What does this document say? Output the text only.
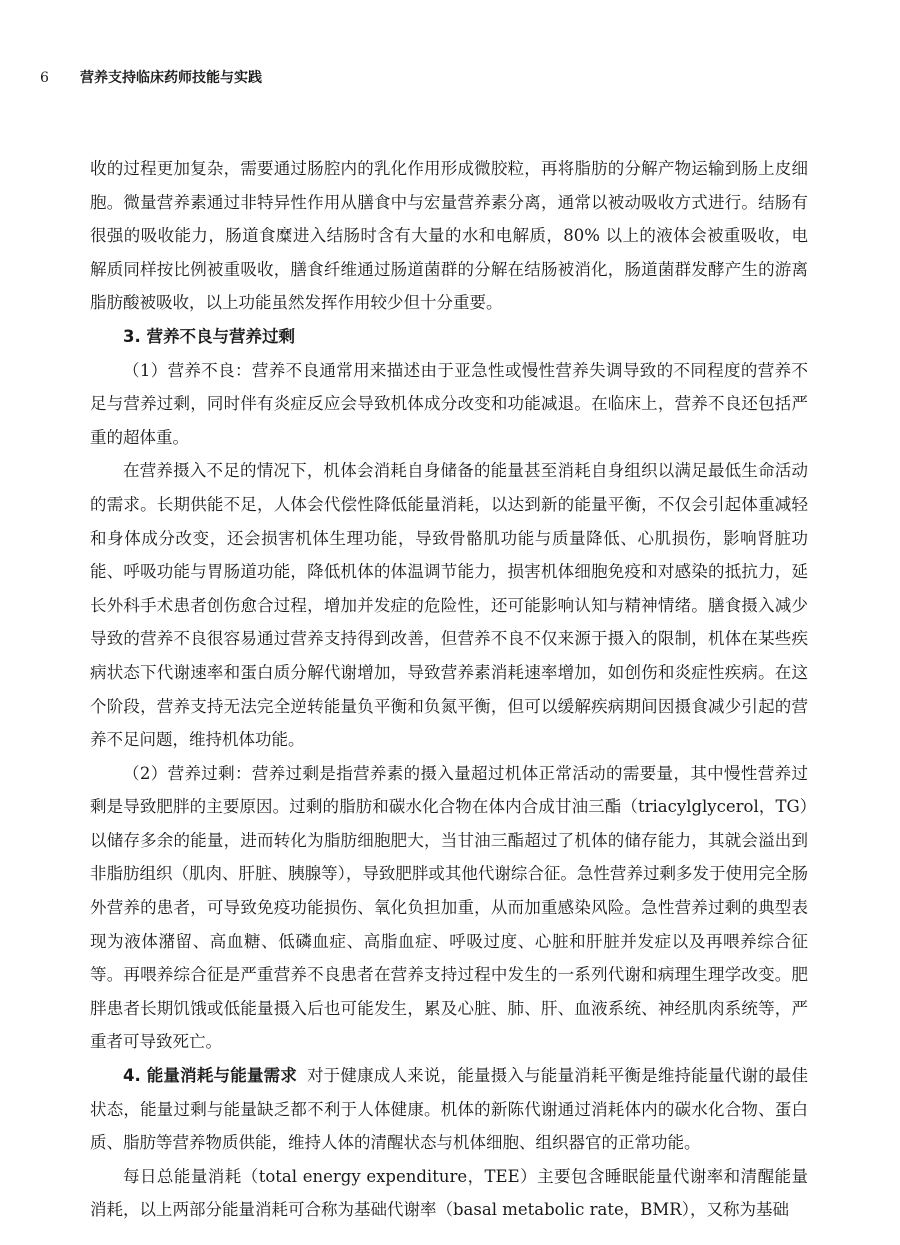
6	营养支持临床药师技能与实践

收的过程更加复杂，需要通过肠腔内的乳化作用形成微胶粒，再将脂肪的分解产物运输到肠上皮细胞。微量营养素通过非特异性作用从膳食中与宏量营养素分离，通常以被动吸收方式进行。结肠有很强的吸收能力，肠道食糜进入结肠时含有大量的水和电解质，80% 以上的液体会被重吸收，电解质同样按比例被重吸收，膳食纤维通过肠道菌群的分解在结肠被消化，肠道菌群发酵产生的游离脂肪酸被吸收，以上功能虽然发挥作用较少但十分重要。

3. 营养不良与营养过剩

（1）营养不良：营养不良通常用来描述由于亚急性或慢性营养失调导致的不同程度的营养不足与营养过剩，同时伴有炎症反应会导致机体成分改变和功能减退。在临床上，营养不良还包括严重的超体重。

在营养摄入不足的情况下，机体会消耗自身储备的能量甚至消耗自身组织以满足最低生命活动的需求。长期供能不足，人体会代偿性降低能量消耗，以达到新的能量平衡，不仅会引起体重减轻和身体成分改变，还会损害机体生理功能，导致骨骼肌功能与质量降低、心肌损伤，影响肾脏功能、呼吸功能与胃肠道功能，降低机体的体温调节能力，损害机体细胞免疫和对感染的抵抗力，延长外科手术患者创伤愈合过程，增加并发症的危险性，还可能影响认知与精神情绪。膳食摄入减少导致的营养不良很容易通过营养支持得到改善，但营养不良不仅来源于摄入的限制，机体在某些疾病状态下代谢速率和蛋白质分解代谢增加，导致营养素消耗速率增加，如创伤和炎症性疾病。在这个阶段，营养支持无法完全逆转能量负平衡和负氮平衡，但可以缓解疾病期间因摄食减少引起的营养不足问题，维持机体功能。

（2）营养过剩：营养过剩是指营养素的摄入量超过机体正常活动的需要量，其中慢性营养过剩是导致肥胖的主要原因。过剩的脂肪和碳水化合物在体内合成甘油三酯（triacylglycerol，TG）以储存多余的能量，进而转化为脂肪细胞肥大，当甘油三酯超过了机体的储存能力，其就会溢出到非脂肪组织（肌肉、肝脏、胰腺等），导致肥胖或其他代谢综合征。急性营养过剩多发于使用完全肠外营养的患者，可导致免疫功能损伤、氧化负担加重，从而加重感染风险。急性营养过剩的典型表现为液体潴留、高血糖、低磷血症、高脂血症、呼吸过度、心脏和肝脏并发症以及再喂养综合征等。再喂养综合征是严重营养不良患者在营养支持过程中发生的一系列代谢和病理生理学改变。肥胖患者长期饥饿或低能量摄入后也可能发生，累及心脏、肺、肝、血液系统、神经肌肉系统等，严重者可导致死亡。

4. 能量消耗与能量需求 对于健康成人来说，能量摄入与能量消耗平衡是维持能量代谢的最佳状态，能量过剩与能量缺乏都不利于人体健康。机体的新陈代谢通过消耗体内的碳水化合物、蛋白质、脂肪等营养物质供能，维持人体的清醒状态与机体细胞、组织器官的正常功能。

每日总能量消耗（total energy expenditure，TEE）主要包含睡眠能量代谢率和清醒能量消耗，以上两部分能量消耗可合称为基础代谢率（basal metabolic rate，BMR），又称为基础
